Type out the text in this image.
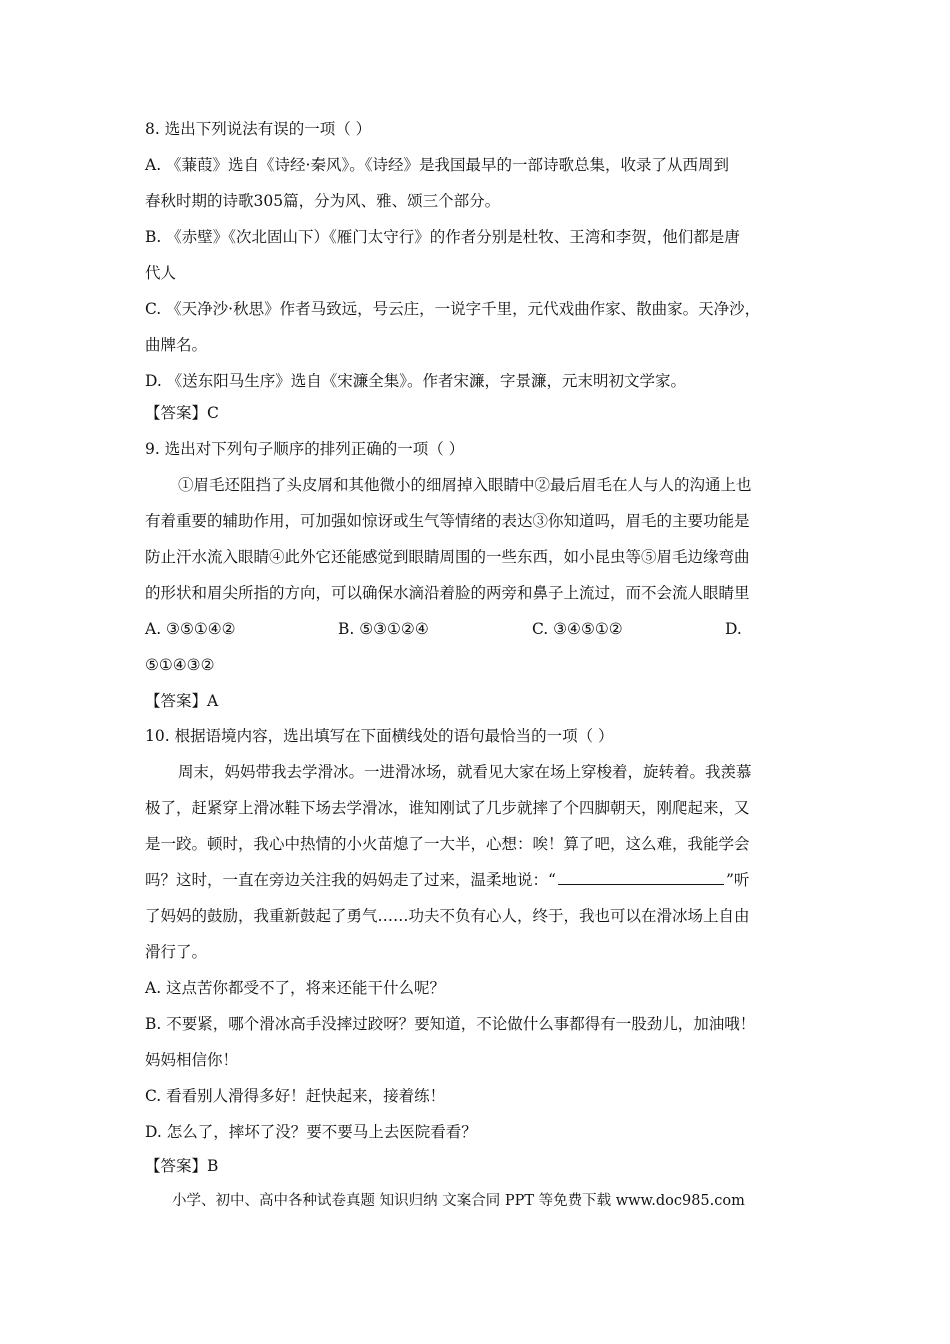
8. 选出下列说法有误的一项（ ）
A. 《蒹葭》选自《诗经·秦风》。《诗经》是我国最早的一部诗歌总集，收录了从西周到
春秋时期的诗歌305篇，分为风、雅、颂三个部分。
B. 《赤壁》《次北固山下）《雁门太守行》的作者分别是杜牧、王湾和李贺，他们都是唐
代人
C. 《天净沙·秋思》作者马致远，号云庄，一说字千里，元代戏曲作家、散曲家。天净沙，
曲牌名。
D. 《送东阳马生序》选自《宋濂全集》。作者宋濂，字景濂，元末明初文学家。
【答案】C
9. 选出对下列句子顺序的排列正确的一项（ ）
①眉毛还阻挡了头皮屑和其他微小的细屑掉入眼睛中②最后眉毛在人与人的沟通上也
有着重要的辅助作用，可加强如惊讶或生气等情绪的表达③你知道吗，眉毛的主要功能是
防止汗水流入眼睛④此外它还能感觉到眼睛周围的一些东西，如小昆虫等⑤眉毛边缘弯曲
的形状和眉尖所指的方向，可以确保水滴沿着脸的两旁和鼻子上流过，而不会流人眼睛里
A. ③⑤①④②	B. ⑤③①②④	C. ③④⑤①②	D.
⑤①④③②
【答案】A
10. 根据语境内容，选出填写在下面横线处的语句最恰当的一项（ ）
周末，妈妈带我去学滑冰。一进滑冰场，就看见大家在场上穿梭着，旋转着。我羡慕
极了，赶紧穿上滑冰鞋下场去学滑冰，谁知刚试了几步就摔了个四脚朝天，刚爬起来，又
是一跤。顿时，我心中热情的小火苗熄了一大半，心想：唉！算了吧，这么难，我能学会
吗？这时，一直在旁边关注我的妈妈走了过来，温柔地说：“	”听
了妈妈的鼓励，我重新鼓起了勇气……功夫不负有心人，终于，我也可以在滑冰场上自由
滑行了。
A. 这点苦你都受不了，将来还能干什么呢？
B. 不要紧，哪个滑冰高手没摔过跤呀？要知道，不论做什么事都得有一股劲儿，加油哦！
妈妈相信你！
C. 看看别人滑得多好！赶快起来，接着练！
D. 怎么了，摔坏了没？要不要马上去医院看看？
【答案】B
小学、初中、高中各种试卷真题 知识归纳 文案合同 PPT 等免费下载 www.doc985.com
